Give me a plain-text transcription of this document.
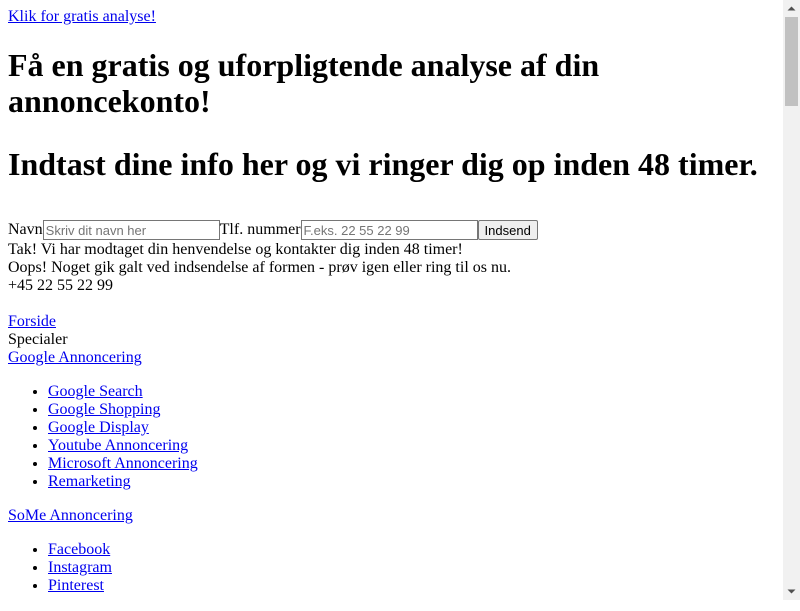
Klik for gratis analyse!
Få en gratis og uforpligtende analyse af din annoncekonto!
Indtast dine info her og vi ringer dig op inden 48 timer.
Navn
Skriv dit navn her	Tlf. nummer
F.eks. 22 55 22 99	Indsend
Tak! Vi har modtaget din henvendelse og kontakter dig inden 48 timer!
Oops! Noget gik galt ved indsendelse af formen - prøv igen eller ring til os nu.
+45 22 55 22 99
Forside
Specialer
Google Annoncering
• Google Search
• Google Shopping
• Google Display
• Youtube Annoncering
• Microsoft Annoncering
• Remarketing
SoMe Annoncering
• Facebook
• Instagram
• Pinterest
